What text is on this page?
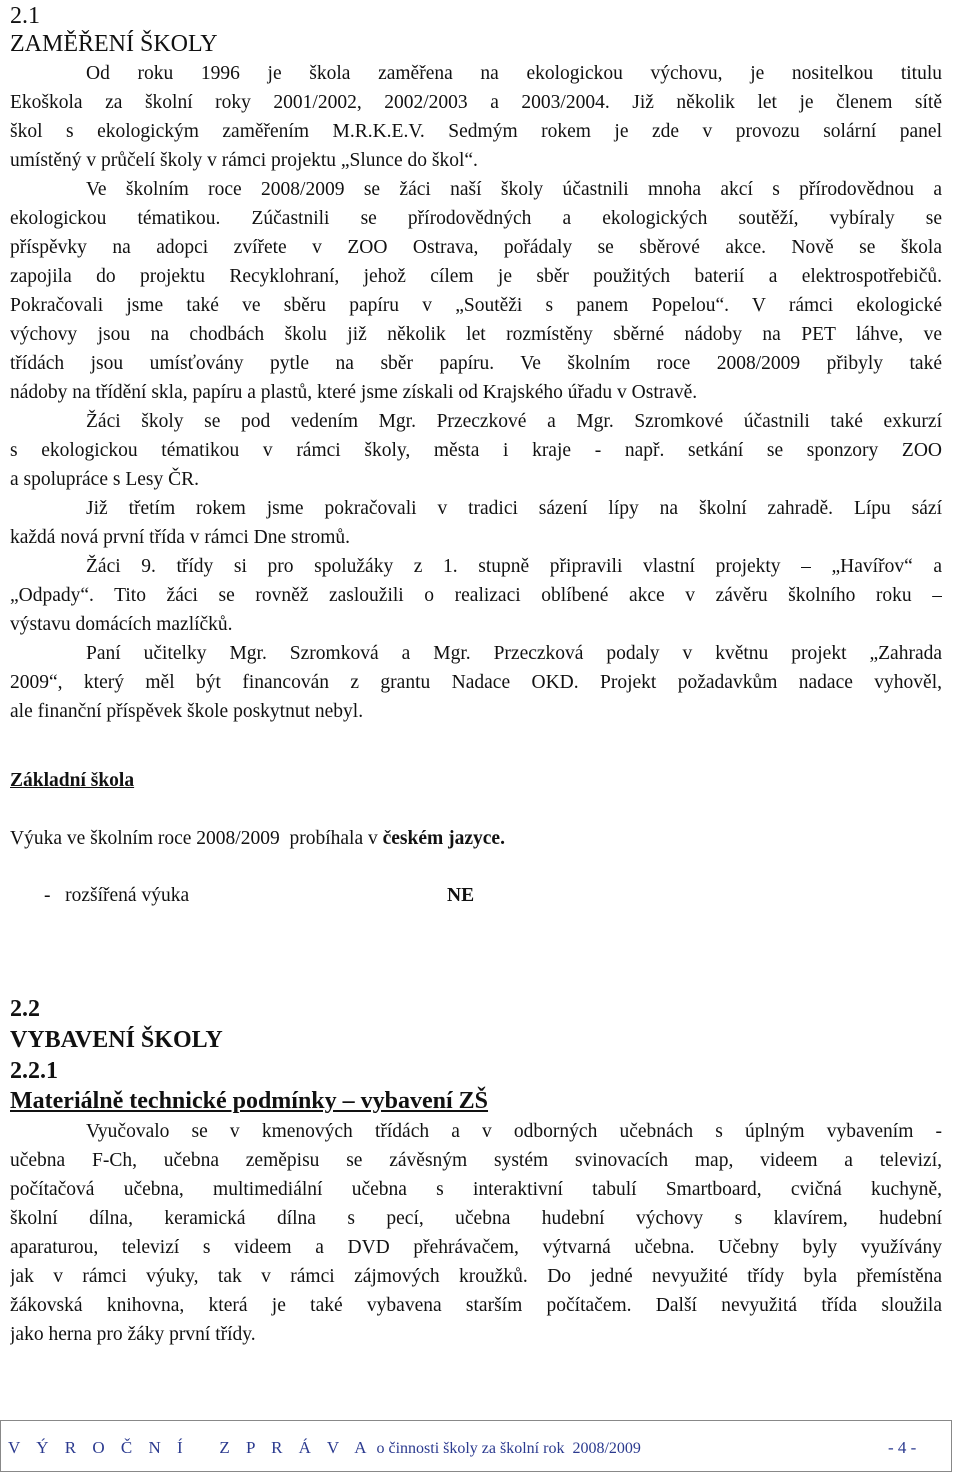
2.1
ZAMĚŘENÍ ŠKOLY
Od roku 1996 je škola zaměřena na ekologickou výchovu, je nositelkou titulu
Ekoškola za školní roky 2001/2002, 2002/2003 a 2003/2004. Již několik let je členem sítě
škol s ekologickým zaměřením M.R.K.E.V. Sedmým rokem je zde v provozu solární panel
umístěný v průčelí školy v rámci projektu „Slunce do škol“.
Ve školním roce 2008/2009 se žáci naší školy účastnili mnoha akcí s přírodovědnou a
ekologickou tématikou. Zúčastnili se přírodovědných a ekologických soutěží, vybíraly se
příspěvky na adopci zvířete v ZOO Ostrava, pořádaly se sběrové akce. Nově se škola
zapojila do projektu Recyklohraní, jehož cílem je sběr použitých baterií a elektrospotřebičů.
Pokračovali jsme také ve sběru papíru v „Soutěži s panem Popelou“. V rámci ekologické
výchovy jsou na chodbách školu již několik let rozmístěny sběrné nádoby na PET láhve, ve
třídách jsou umísťovány pytle na sběr papíru. Ve školním roce 2008/2009 přibyly také
nádoby na třídění skla, papíru a plastů, které jsme získali od Krajského úřadu v Ostravě.
Žáci školy se pod vedením Mgr. Przeczkové a Mgr. Szromkové účastnili také exkurzí
s ekologickou tématikou v rámci školy, města i kraje - např. setkání se sponzory ZOO
a spolupráce s Lesy ČR.
Již třetím rokem jsme pokračovali v tradici sázení lípy na školní zahradě. Lípu sází
každá nová první třída v rámci Dne stromů.
Žáci 9. třídy si pro spolužáky z 1. stupně připravili vlastní projekty – „Havířov“ a
„Odpady“. Tito žáci se rovněž zasloužili o realizaci oblíbené akce v závěru školního roku –
výstavu domácích mazlíčků.
Paní učitelky Mgr. Szromková a Mgr. Przeczková podaly v květnu projekt „Zahrada
2009“, který měl být financován z grantu Nadace OKD. Projekt požadavkům nadace vyhověl,
ale finanční příspěvek škole poskytnut nebyl.
Základní škola
Výuka ve školním roce 2008/2009  probíhala v českém jazyce.
-   rozšířená výuka	NE
2.2
VYBAVENÍ ŠKOLY
2.2.1
Materiálně technické podmínky – vybavení ZŠ
Vyučovalo se v kmenových třídách a v odborných učebnách s úplným vybavením -
učebna F-Ch, učebna zeměpisu se závěsným systém svinovacích map, videem a televizí,
počítačová učebna, multimediální učebna s interaktivní tabulí Smartboard, cvičná kuchyně,
školní dílna, keramická dílna s pecí, učebna hudební výchovy s klavírem, hudební
aparaturou, televizí s videem a DVD přehrávačem, výtvarná učebna. Učebny byly využívány
jak v rámci výuky, tak v rámci zájmových kroužků. Do jedné nevyužité třídy byla přemístěna
žákovská knihovna, která je také vybavena starším počítačem. Další nevyužitá třída sloužila
jako herna pro žáky první třídy.
V Ý R O Č N Í   Z P R Á V A o činnosti školy za školní rok  2008/2009	- 4 -
